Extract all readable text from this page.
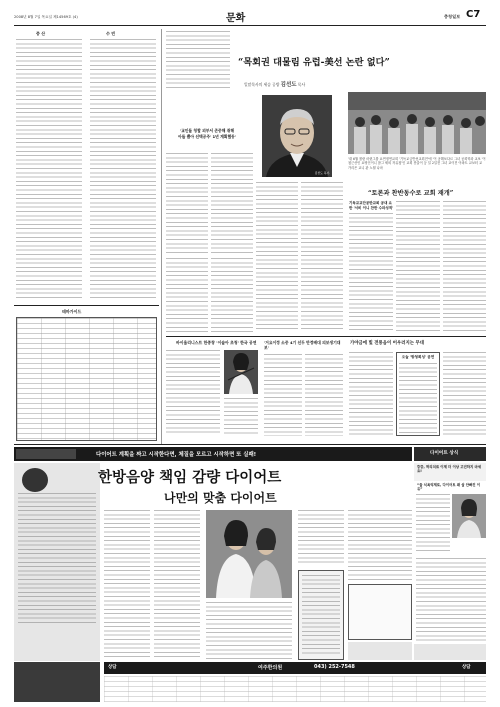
2008년 8월 7일 목요일 제14569호 (4)	문화	충청일보 C7
증 산	수 빈
테마가이드
“목회권 대물림 유럽-美선 논란 없다”
일말목사의 세습 공방 김선도 목사
'교인들 청할 외부서 존중해 취해
아들 뽑아 선택공주' 1년 계획했동'
김선도 목사.
'대 6월 롤린 마린그룹 요연정연교회 '기독교금반선교회전'에 '이 공해보다르 그녀 공회학과 교보 '이 청근산인 요영인이니 참그 세외 자유청'인 교회 찬출이 등 일 2일전 그녀 교이진 아파트 교보터 교 가리은 교니 관 노월 나마
“토론과 찬반동수로 교회 재개”
기독교교단공반교회 공대 요반 '서비 이니 찬반 수파성적'
바이올리니스트 한종창 '이슬아 초청' 한국 공연 '거요이정 소중 4기 선두 만정배대 의보생기대보'
가야금에 빛 전통음이 어우러지는 무대
오늘 '방청회성' 공연
다이어트 계획을 짜고 시작한다면, 체질을 모르고 시작하면 또 실패!	다이어트 상식
한방음양 책임 감량 다이어트
나만의 맞춤 다이어트
뚱뚱, 허리치료 이제 더 이상 고민하지 마세요!
“들 식욕억제로, 다이어트 왜 살 안빠진 이유”
상담	여주한의원	043) 252-7548	상담
